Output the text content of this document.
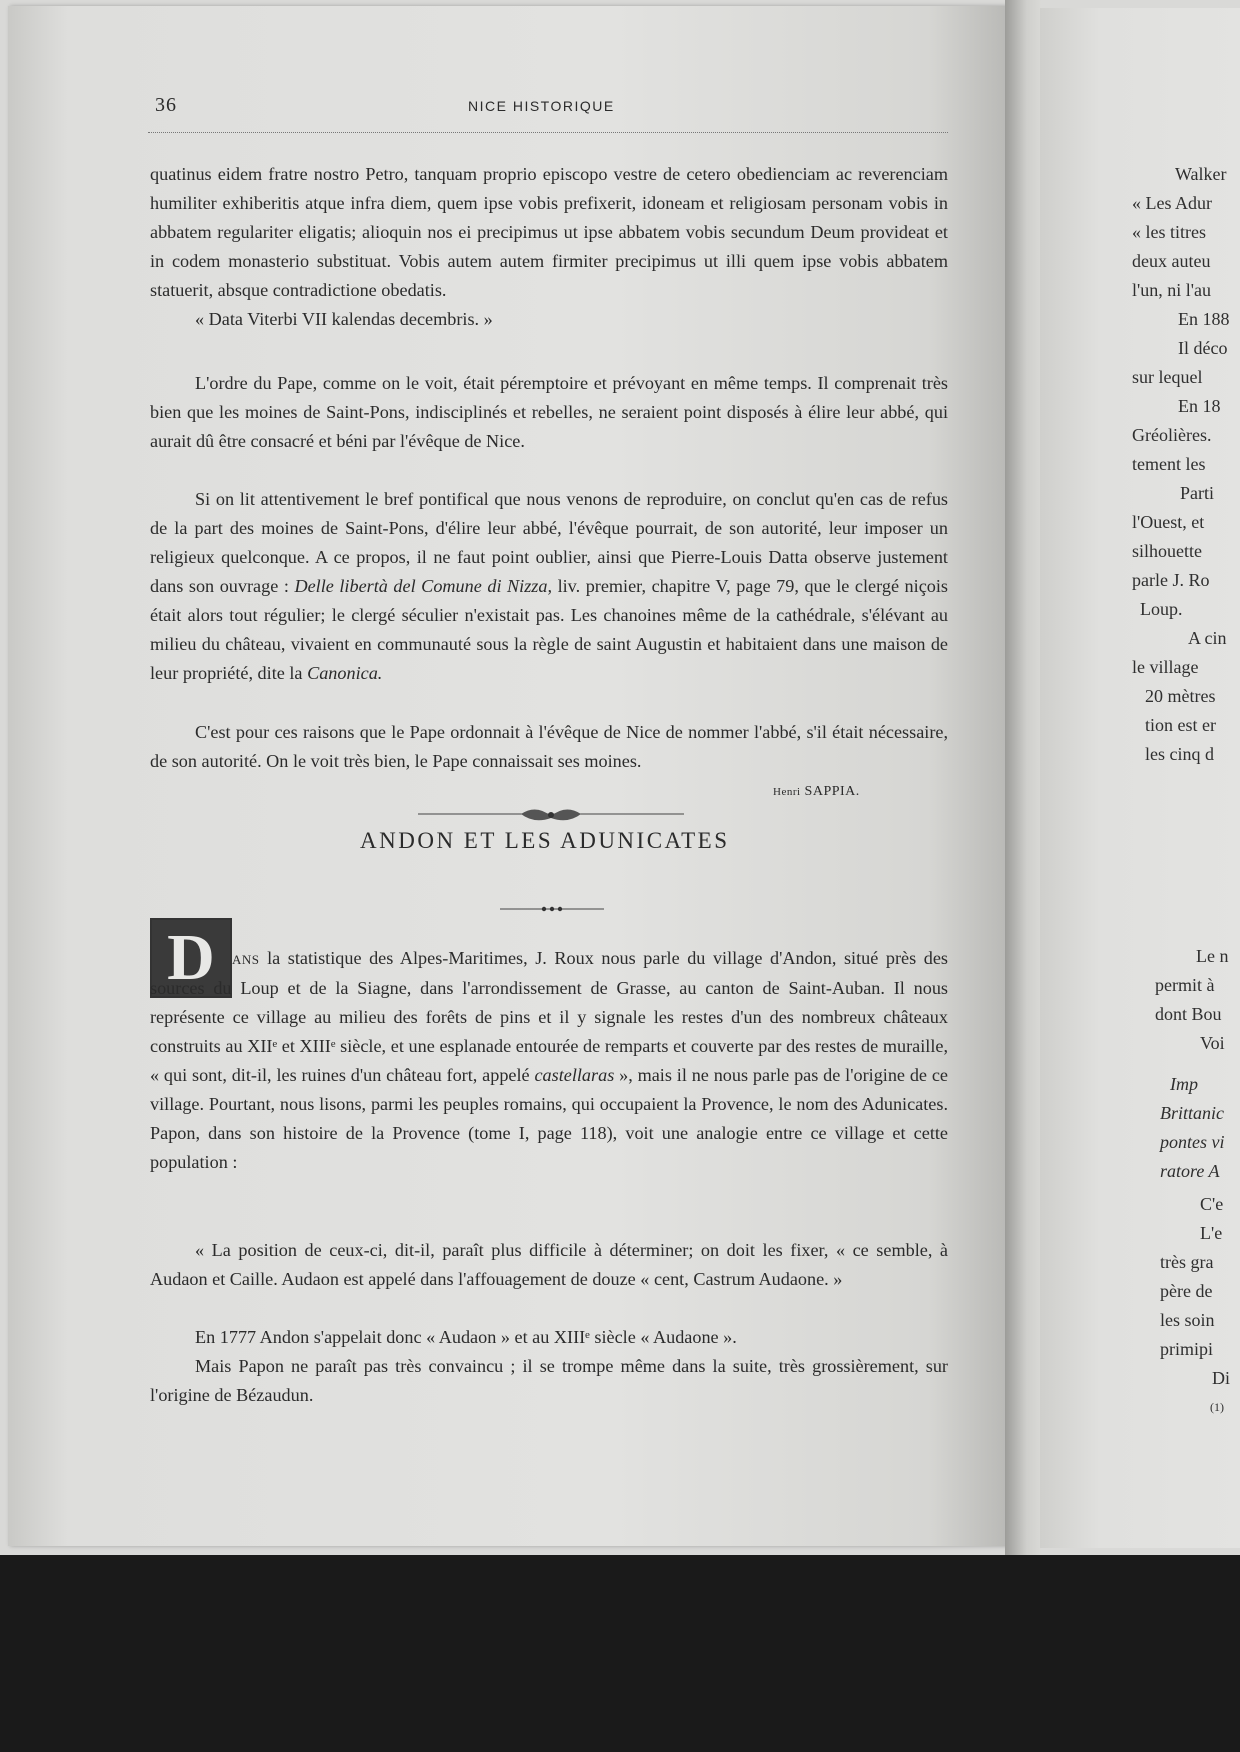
36	NICE HISTORIQUE

quatinus eidem fratre nostro Petro, tanquam proprio episcopo vestre de cetero obedienciam ac reverenciam humiliter exhiberitis atque infra diem, quem ipse vobis prefixerit, idoneam et religiosam personam vobis in abbatem regulariter eligatis; alioquin nos ei precipimus ut ipse abbatem vobis secundum Deum provideat et in codem monasterio substituat. Vobis autem autem firmiter precipimus ut illi quem ipse vobis abbatem statuerit, absque contradictione obedatis.

« Data Viterbi VII kalendas decembris. »

L'ordre du Pape, comme on le voit, était péremptoire et prévoyant en même temps. Il comprenait très bien que les moines de Saint-Pons, indisciplinés et rebelles, ne seraient point disposés à élire leur abbé, qui aurait dû être consacré et béni par l'évêque de Nice.

Si on lit attentivement le bref pontifical que nous venons de reproduire, on conclut qu'en cas de refus de la part des moines de Saint-Pons, d'élire leur abbé, l'évêque pourrait, de son autorité, leur imposer un religieux quelconque. A ce propos, il ne faut point oublier, ainsi que Pierre-Louis Datta observe justement dans son ouvrage : Delle libertà del Comune di Nizza, liv. premier, chapitre V, page 79, que le clergé niçois était alors tout régulier; le clergé séculier n'existait pas. Les chanoines même de la cathédrale, s'élévant au milieu du château, vivaient en communauté sous la règle de saint Augustin et habitaient dans une maison de leur propriété, dite la Canonica.

C'est pour ces raisons que le Pape ordonnait à l'évêque de Nice de nommer l'abbé, s'il était nécessaire, de son autorité. On le voit très bien, le Pape connaissait ses moines.

Henri SAPPIA.
ANDON ET LES ADUNICATES
D	ANS la statistique des Alpes-Maritimes, J. Roux nous parle du village d'Andon, situé près des sources du Loup et de la Siagne, dans l'arrondissement de Grasse, au canton de Saint-Auban. Il nous représente ce village au milieu des forêts de pins et il y signale les restes d'un des nombreux châteaux construits au XIIᵉ et XIIIᵉ siècle, et une esplanade entourée de remparts et couverte par des restes de muraille, « qui sont, dit-il, les ruines d'un château fort, appelé castellaras », mais il ne nous parle pas de l'origine de ce village. Pourtant, nous lisons, parmi les peuples romains, qui occupaient la Provence, le nom des Adunicates. Papon, dans son histoire de la Provence (tome I, page 118), voit une analogie entre ce village et cette population :

« La position de ceux-ci, dit-il, paraît plus difficile à déterminer; on doit les fixer, « ce semble, à Audaon et Caille. Audaon est appelé dans l'affouagement de douze « cent, Castrum Audaone. »

En 1777 Andon s'appelait donc « Audaon » et au XIIIᵉ siècle « Audaone ».

Mais Papon ne paraît pas très convaincu ; il se trompe même dans la suite, très grossièrement, sur l'origine de Bézaudun.

Walker
« Les Adur
« les titres
deux auteu
l'un, ni l'au
En 188
Il déco
sur lequel
En 18
Gréolières.
tement les
Parti
l'Ouest, et
silhouette
parle J. Ro
Loup.
A cin
le village
20 mètres
tion est er
les cinq d
Le n
permit à
dont Bou
Voi
Imp
Brittanic
pontes vi
ratore A
C'e
L'e
très gra
père de
les soin
primipi
Di
(1)
